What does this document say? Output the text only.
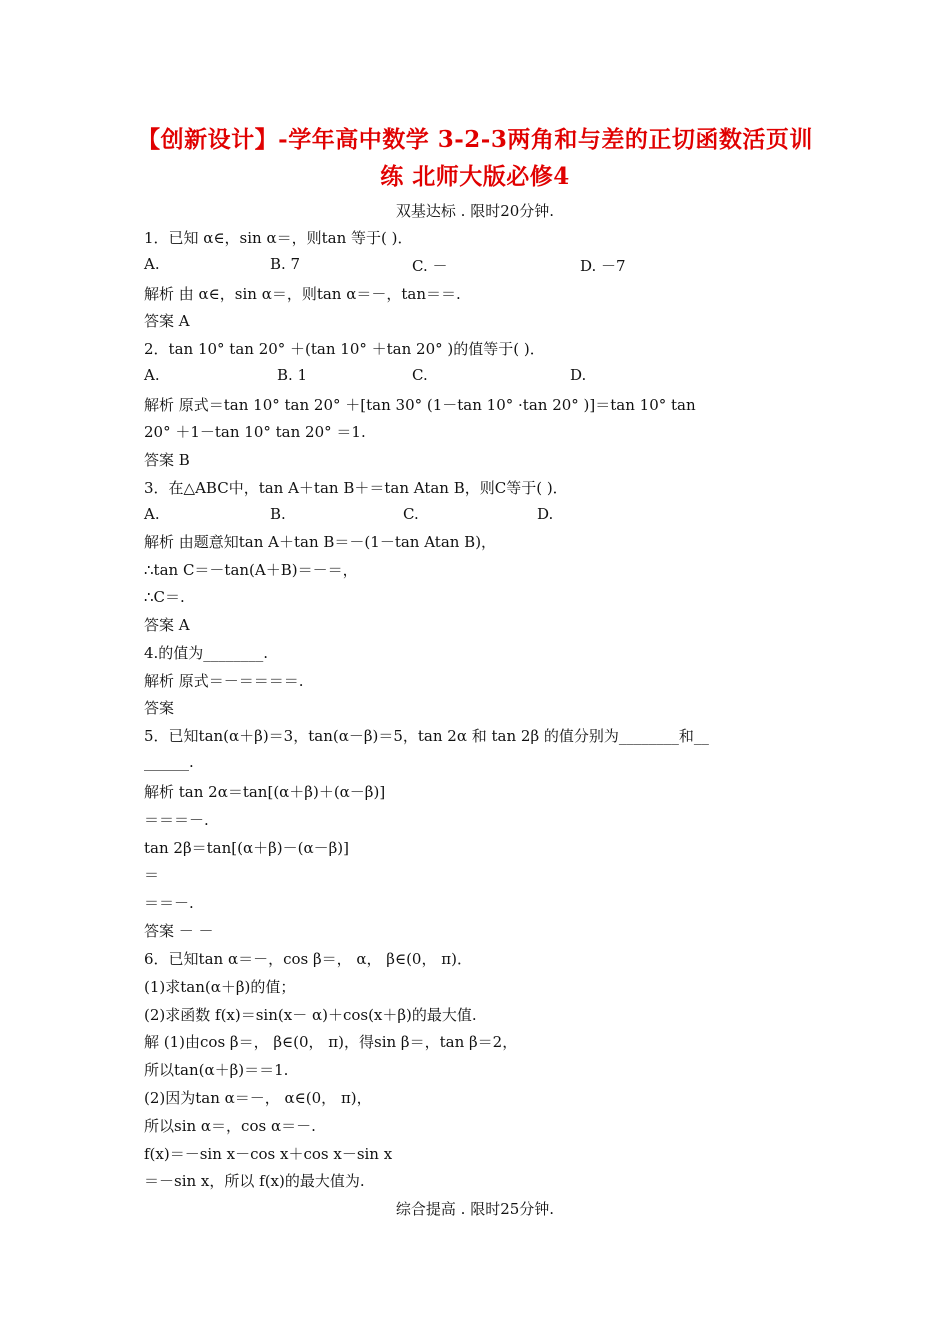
【创新设计】-学年高中数学 3-2-3两角和与差的正切函数活页训
练 北师大版必修4
双基达标 . 限时20分钟.
1．已知 α∈，sin α＝，则tan 等于( )．
A.	B. 7	C. －	D. －7
解析 由 α∈，sin α＝，则tan α＝－，tan＝＝.
答案 A
2．tan 10° tan 20° ＋(tan 10° ＋tan 20° )的值等于( )．
A.	B. 1	C.	D.
解析 原式＝tan 10° tan 20° ＋[tan 30° (1－tan 10° ·tan 20° )]＝tan 10° tan
20° ＋1－tan 10° tan 20° ＝1.
答案 B
3．在△ABC中，tan A＋tan B＋＝tan Atan B，则C等于( )．
A.	B.	C.	D.
解析 由题意知tan A＋tan B＝－(1－tan Atan B)，
∴tan C＝－tan(A＋B)＝－＝，
∴C＝.
答案 A
4.的值为________.
解析 原式＝－＝＝＝＝.
答案
5．已知tan(α＋β)＝3，tan(α－β)＝5，tan 2α 和 tan 2β 的值分别为________和__
______.
解析 tan 2α＝tan[(α＋β)＋(α－β)]
＝＝＝－.
tan 2β＝tan[(α＋β)－(α－β)]
＝
＝＝－.
答案 － －
6．已知tan α＝－，cos β＝， α， β∈(0， π)．
(1)求tan(α＋β)的值；
(2)求函数 f(x)＝sin(x－ α)＋cos(x＋β)的最大值.
解 (1)由cos β＝， β∈(0， π)，得sin β＝，tan β＝2，
所以tan(α＋β)＝＝1.
(2)因为tan α＝－， α∈(0， π)，
所以sin α＝，cos α＝－.
f(x)＝－sin x－cos x＋cos x－sin x
＝－sin x，所以 f(x)的最大值为.
综合提高 . 限时25分钟.
